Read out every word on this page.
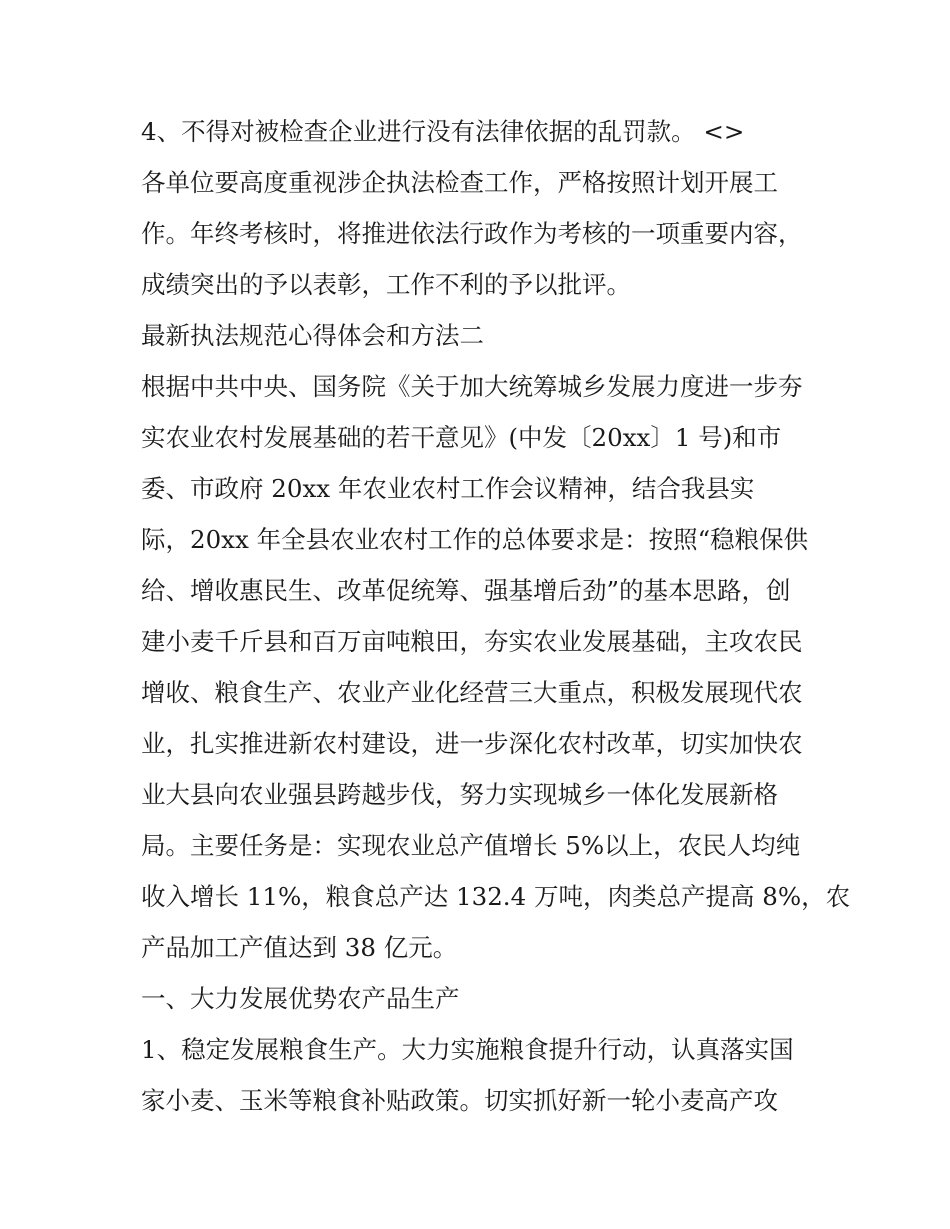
4、不得对被检查企业进行没有法律依据的乱罚款。 <>
各单位要高度重视涉企执法检查工作，严格按照计划开展工
作。年终考核时，将推进依法行政作为考核的一项重要内容，
成绩突出的予以表彰，工作不利的予以批评。
最新执法规范心得体会和方法二
根据中共中央、国务院《关于加大统筹城乡发展力度进一步夯
实农业农村发展基础的若干意见》(中发〔20xx〕1 号)和市
委、市政府 20xx 年农业农村工作会议精神，结合我县实
际，20xx 年全县农业农村工作的总体要求是：按照“稳粮保供
给、增收惠民生、改革促统筹、强基增后劲”的基本思路，创
建小麦千斤县和百万亩吨粮田，夯实农业发展基础，主攻农民
增收、粮食生产、农业产业化经营三大重点，积极发展现代农
业，扎实推进新农村建设，进一步深化农村改革，切实加快农
业大县向农业强县跨越步伐，努力实现城乡一体化发展新格
局。主要任务是：实现农业总产值增长 5%以上，农民人均纯
收入增长 11%，粮食总产达 132.4 万吨，肉类总产提高 8%，农
产品加工产值达到 38 亿元。
一、大力发展优势农产品生产
1、稳定发展粮食生产。大力实施粮食提升行动，认真落实国
家小麦、玉米等粮食补贴政策。切实抓好新一轮小麦高产攻
